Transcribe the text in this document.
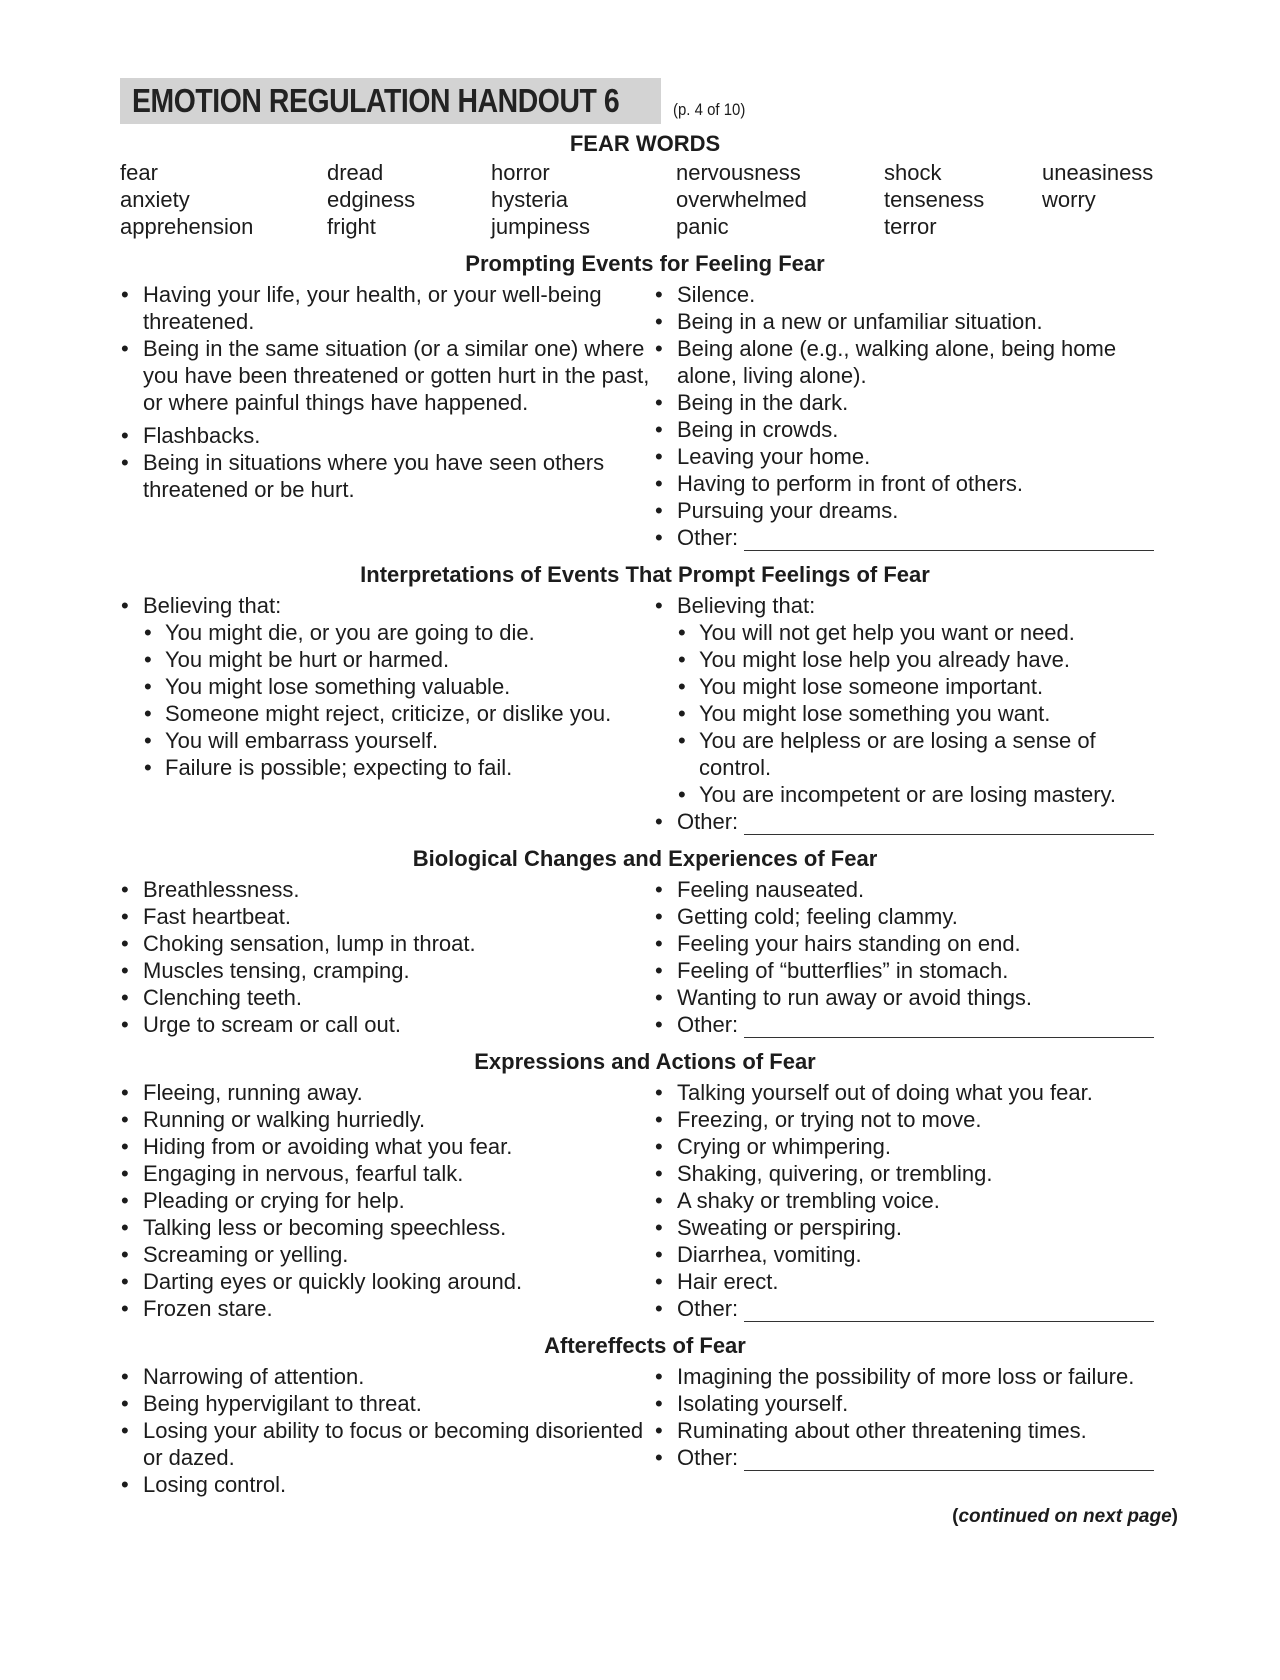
EMOTION REGULATION HANDOUT 6	(p. 4 of 10)
FEAR WORDS
fear
anxiety
apprehension
dread
edginess
fright
horror
hysteria
jumpiness
nervousness
overwhelmed
panic
shock
tenseness
terror
uneasiness
worry
Prompting Events for Feeling Fear
• Having your life, your health, or your well-being threatened.
• Being in the same situation (or a similar one) where you have been threatened or gotten hurt in the past, or where painful things have happened.
• Flashbacks.
• Being in situations where you have seen others threatened or be hurt.
• Silence.
• Being in a new or unfamiliar situation.
• Being alone (e.g., walking alone, being home alone, living alone).
• Being in the dark.
• Being in crowds.
• Leaving your home.
• Having to perform in front of others.
• Pursuing your dreams.
• Other:
Interpretations of Events That Prompt Feelings of Fear
• Believing that:
• You might die, or you are going to die.
• You might be hurt or harmed.
• You might lose something valuable.
• Someone might reject, criticize, or dislike you.
• You will embarrass yourself.
• Failure is possible; expecting to fail.
• Believing that:
• You will not get help you want or need.
• You might lose help you already have.
• You might lose someone important.
• You might lose something you want.
• You are helpless or are losing a sense of control.
• You are incompetent or are losing mastery.
• Other:
Biological Changes and Experiences of Fear
• Breathlessness.
• Fast heartbeat.
• Choking sensation, lump in throat.
• Muscles tensing, cramping.
• Clenching teeth.
• Urge to scream or call out.
• Feeling nauseated.
• Getting cold; feeling clammy.
• Feeling your hairs standing on end.
• Feeling of “butterflies” in stomach.
• Wanting to run away or avoid things.
• Other:
Expressions and Actions of Fear
• Fleeing, running away.
• Running or walking hurriedly.
• Hiding from or avoiding what you fear.
• Engaging in nervous, fearful talk.
• Pleading or crying for help.
• Talking less or becoming speechless.
• Screaming or yelling.
• Darting eyes or quickly looking around.
• Frozen stare.
• Talking yourself out of doing what you fear.
• Freezing, or trying not to move.
• Crying or whimpering.
• Shaking, quivering, or trembling.
• A shaky or trembling voice.
• Sweating or perspiring.
• Diarrhea, vomiting.
• Hair erect.
• Other:
Aftereffects of Fear
• Narrowing of attention.
• Being hypervigilant to threat.
• Losing your ability to focus or becoming disoriented or dazed.
• Losing control.
• Imagining the possibility of more loss or failure.
• Isolating yourself.
• Ruminating about other threatening times.
• Other:
(continued on next page)
